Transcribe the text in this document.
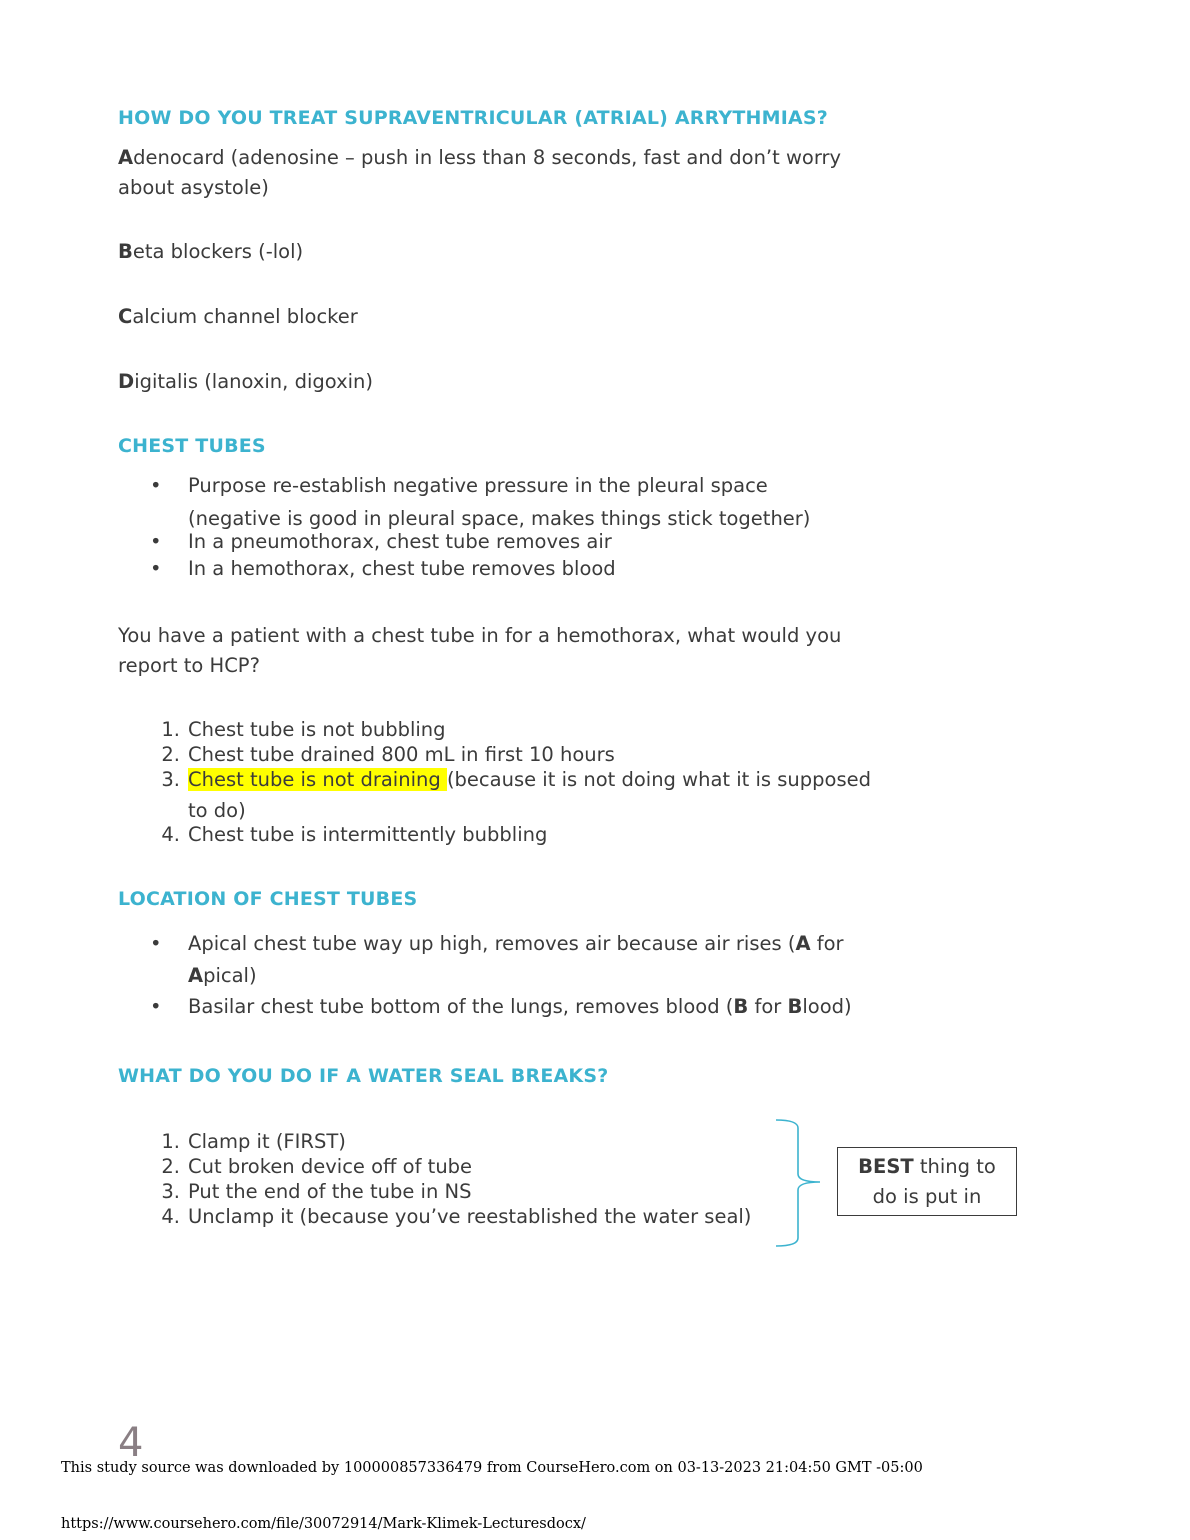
HOW DO YOU TREAT SUPRAVENTRICULAR (ATRIAL) ARRYTHMIAS?

Adenocard (adenosine – push in less than 8 seconds, fast and don’t worry
about asystole)

Beta blockers (-lol)

Calcium channel blocker

Digitalis (lanoxin, digoxin)

CHEST TUBES
•	Purpose re-establish negative pressure in the pleural space
(negative is good in pleural space, makes things stick together)
•	In a pneumothorax, chest tube removes air
•	In a hemothorax, chest tube removes blood

You have a patient with a chest tube in for a hemothorax, what would you
report to HCP?

1. Chest tube is not bubbling
2. Chest tube drained 800 mL in first 10 hours
3. Chest tube is not draining (because it is not doing what it is supposed
to do)
4. Chest tube is intermittently bubbling
LOCATION OF CHEST TUBES
•	Apical chest tube way up high, removes air because air rises (A for
Apical)
•	Basilar chest tube bottom of the lungs, removes blood (B for Blood)
WHAT DO YOU DO IF A WATER SEAL BREAKS?
1. Clamp it (FIRST)
2. Cut broken device off of tube
3. Put the end of the tube in NS
4. Unclamp it (because you’ve reestablished the water seal)
BEST thing to
do is put in
4
This study source was downloaded by 100000857336479 from CourseHero.com on 03-13-2023 21:04:50 GMT -05:00
https://www.coursehero.com/file/30072914/Mark-Klimek-Lecturesdocx/
